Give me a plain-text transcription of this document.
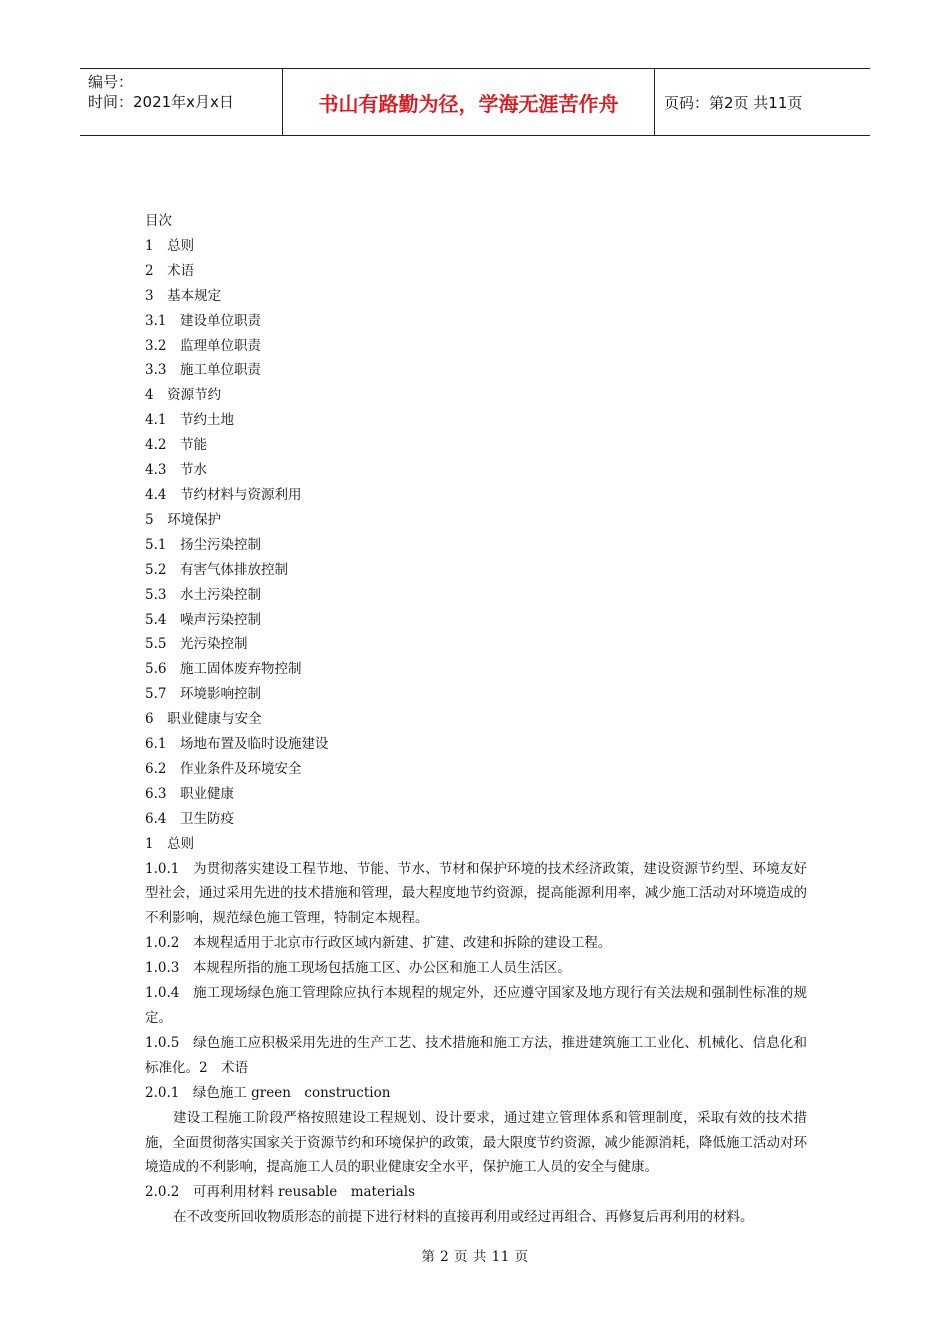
编号：
时间：2021年x月x日	书山有路勤为径，学海无涯苦作舟	页码：第2页 共11页

目次

1　总则

2　术语

3　基本规定

3.1　建设单位职责

3.2　监理单位职责

3.3　施工单位职责

4　资源节约

4.1　节约土地

4.2　节能

4.3　节水

4.4　节约材料与资源利用

5　环境保护

5.1　扬尘污染控制

5.2　有害气体排放控制

5.3　水土污染控制

5.4　噪声污染控制

5.5　光污染控制

5.6　施工固体废弃物控制

5.7　环境影响控制

6　职业健康与安全

6.1　场地布置及临时设施建设

6.2　作业条件及环境安全

6.3　职业健康

6.4　卫生防疫

1　总则

1.0.1　为贯彻落实建设工程节地、节能、节水、节材和保护环境的技术经济政策，建设资源节约型、环境友好型社会，通过采用先进的技术措施和管理，最大程度地节约资源，提高能源利用率，减少施工活动对环境造成的不利影响，规范绿色施工管理，特制定本规程。

1.0.2　本规程适用于北京市行政区域内新建、扩建、改建和拆除的建设工程。

1.0.3　本规程所指的施工现场包括施工区、办公区和施工人员生活区。

1.0.4　施工现场绿色施工管理除应执行本规程的规定外，还应遵守国家及地方现行有关法规和强制性标准的规定。

1.0.5　绿色施工应积极采用先进的生产工艺、技术措施和施工方法，推进建筑施工工业化、机械化、信息化和标准化。2　术语

2.0.1　绿色施工 green　construction

建设工程施工阶段严格按照建设工程规划、设计要求，通过建立管理体系和管理制度，采取有效的技术措施，全面贯彻落实国家关于资源节约和环境保护的政策，最大限度节约资源，减少能源消耗，降低施工活动对环境造成的不利影响，提高施工人员的职业健康安全水平，保护施工人员的安全与健康。

2.0.2　可再利用材料 reusable　materials

在不改变所回收物质形态的前提下进行材料的直接再利用或经过再组合、再修复后再利用的材料。

第 2 页 共 11 页
